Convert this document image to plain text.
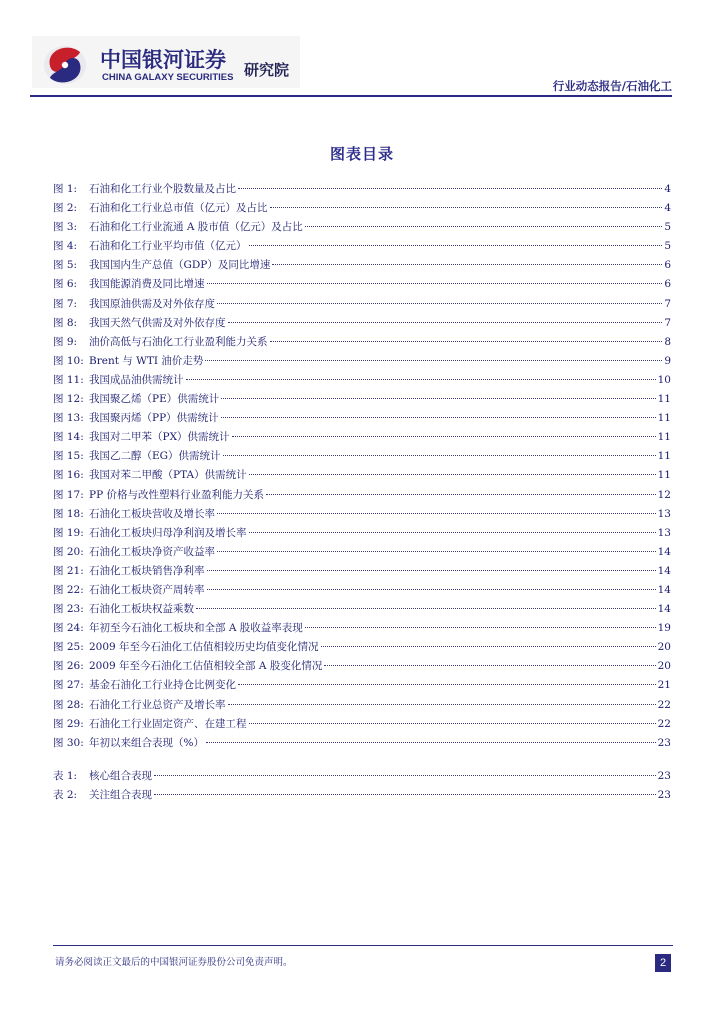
中国银河证券
CHINA GALAXY SECURITIES 研究院
行业动态报告/石油化工
图表目录
图 1:	石油和化工行业个股数量及占比	4
图 2:	石油和化工行业总市值（亿元）及占比	4
图 3:	石油和化工行业流通 A 股市值（亿元）及占比	5
图 4:	石油和化工行业平均市值（亿元）	5
图 5:	我国国内生产总值（GDP）及同比增速	6
图 6:	我国能源消费及同比增速	6
图 7:	我国原油供需及对外依存度	7
图 8:	我国天然气供需及对外依存度	7
图 9:	油价高低与石油化工行业盈利能力关系	8
图 10: Brent 与 WTI 油价走势	9
图 11: 我国成品油供需统计	10
图 12: 我国聚乙烯（PE）供需统计	11
图 13: 我国聚丙烯（PP）供需统计	11
图 14: 我国对二甲苯（PX）供需统计	11
图 15: 我国乙二醇（EG）供需统计	11
图 16: 我国对苯二甲酸（PTA）供需统计	11
图 17: PP 价格与改性塑料行业盈利能力关系	12
图 18: 石油化工板块营收及增长率	13
图 19: 石油化工板块归母净利润及增长率	13
图 20: 石油化工板块净资产收益率	14
图 21: 石油化工板块销售净利率	14
图 22: 石油化工板块资产周转率	14
图 23: 石油化工板块权益乘数	14
图 24: 年初至今石油化工板块和全部 A 股收益率表现	19
图 25: 2009 年至今石油化工估值相较历史均值变化情况	20
图 26: 2009 年至今石油化工估值相较全部 A 股变化情况	20
图 27: 基金石油化工行业持仓比例变化	21
图 28: 石油化工行业总资产及增长率	22
图 29: 石油化工行业固定资产、在建工程	22
图 30: 年初以来组合表现（%）	23
表 1:	核心组合表现	23
表 2:	关注组合表现	23
请务必阅读正文最后的中国银河证券股份公司免责声明。	2
